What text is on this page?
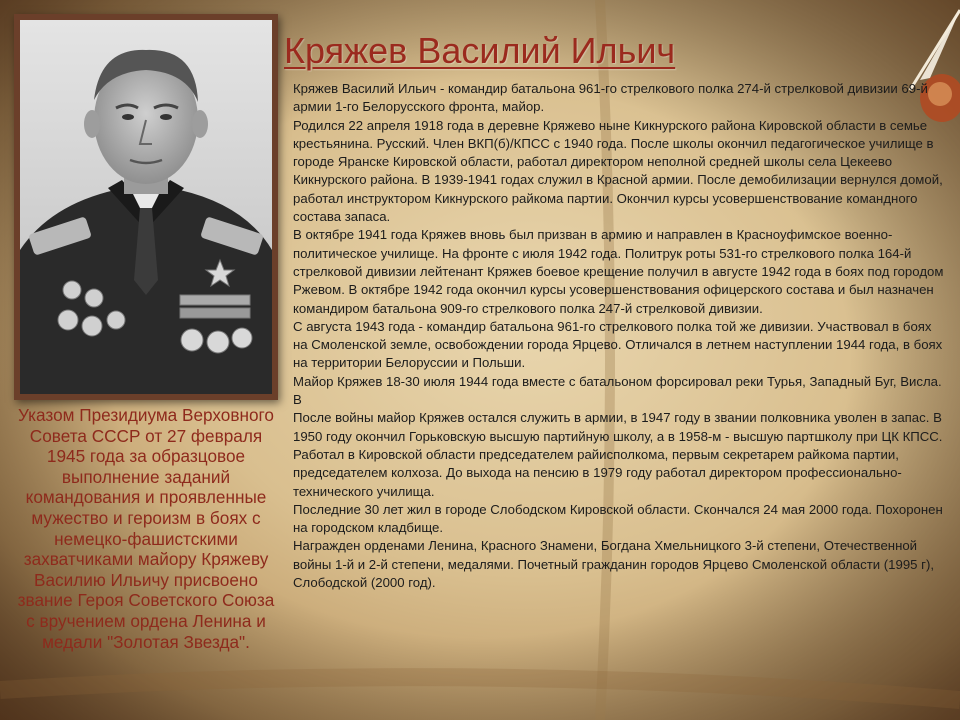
Кряжев Василий Ильич

Кряжев Василий Ильич - командир батальона 961-го стрелкового полка 274-й стрелковой дивизии 69-й армии 1-го Белорусского фронта, майор.

Родился 22 апреля 1918 года в деревне Кряжево ныне Кикнурского района Кировской области в семье крестьянина. Русский. Член ВКП(б)/КПСС с 1940 года. После школы окончил педагогическое училище в городе Яранске Кировской области, работал директором неполной средней школы села Цекеево Кикнурского района. В 1939-1941 годах служил в Красной армии. После демобилизации вернулся домой, работал инструктором Кикнурского райкома партии. Окончил курсы усовершенствование командного состава запаса.

В октябре 1941 года Кряжев вновь был призван в армию и направлен в Красноуфимское военно-политическое училище. На фронте с июля 1942 года. Политрук роты 531-го стрелкового полка 164-й стрелковой дивизии лейтенант Кряжев боевое крещение получил в августе 1942 года в боях под городом Ржевом. В октябре 1942 года окончил курсы усовершенствования офицерского состава и был назначен командиром батальона 909-го стрелкового полка 247-й стрелковой дивизии.

С августа 1943 года - командир батальона 961-го стрелкового полка той же дивизии. Участвовал в боях на Смоленской земле, освобождении города Ярцево. Отличался в летнем наступлении 1944 года, в боях на территории Белоруссии и Польши.

Майор Кряжев 18-30 июля 1944 года вместе с батальоном форсировал реки Турья, Западный Буг, Висла. В

После войны майор Кряжев остался служить в армии, в 1947 году в звании полковника уволен в запас. В 1950 году окончил Горьковскую высшую партийную школу, а в 1958-м - высшую партшколу при ЦК КПСС. Работал в Кировской области председателем райисполкома, первым секретарем райкома партии, председателем колхоза. До выхода на пенсию в 1979 году работал директором профессионально-технического училища.

Последние 30 лет жил в городе Слободском Кировской области. Скончался 24 мая 2000 года. Похоронен на городском кладбище.

Награжден орденами Ленина, Красного Знамени, Богдана Хмельницкого 3-й степени, Отечественной войны 1-й и 2-й степени, медалями. Почетный гражданин городов Ярцево Смоленской области (1995 г), Слободской (2000 год).

Указом Президиума Верховного Совета СССР от 27 февраля 1945 года за образцовое выполнение заданий командования и проявленные мужество и героизм в боях с немецко-фашистскими захватчиками майору Кряжеву Василию Ильичу присвоено звание Героя Советского Союза с вручением ордена Ленина и медали "Золотая Звезда".
